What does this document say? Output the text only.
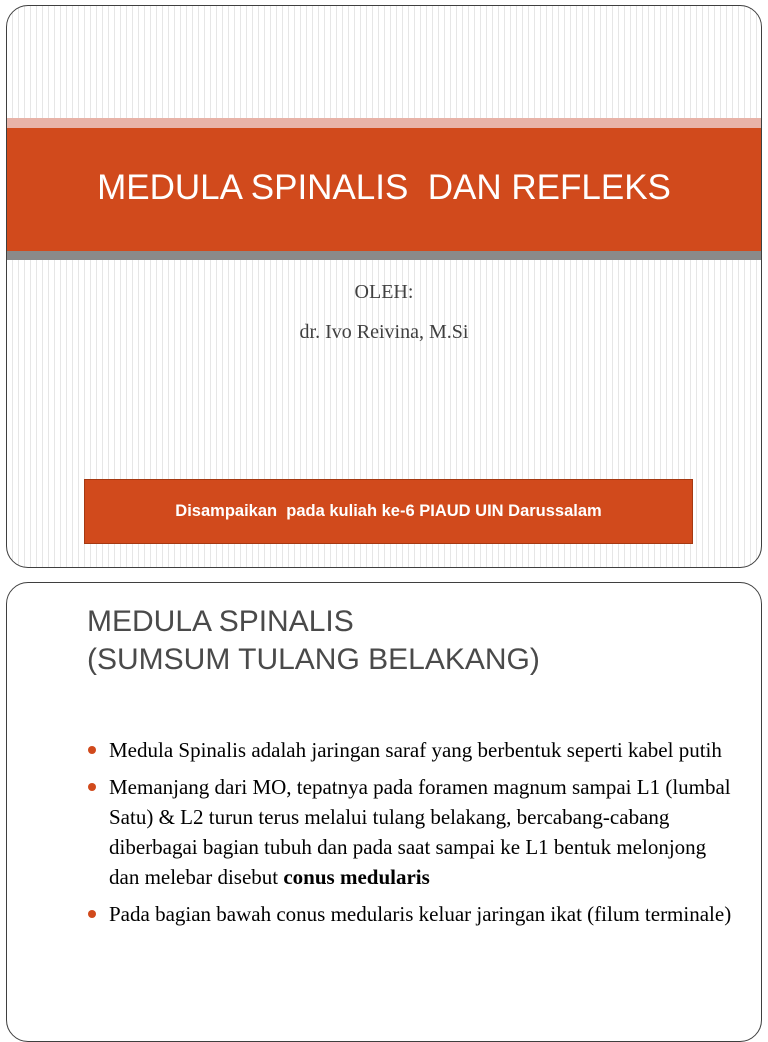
MEDULA SPINALIS  DAN REFLEKS
OLEH:
dr. Ivo Reivina, M.Si
Disampaikan  pada kuliah ke-6 PIAUD UIN Darussalam
MEDULA SPINALIS
(SUMSUM TULANG BELAKANG)
Medula Spinalis adalah jaringan saraf yang berbentuk seperti kabel putih
Memanjang dari MO, tepatnya pada foramen magnum sampai L1 (lumbal Satu) & L2 turun terus melalui tulang belakang, bercabang-cabang diberbagai bagian tubuh dan pada saat sampai ke L1 bentuk melonjong dan melebar disebut conus medularis
Pada bagian bawah conus medularis keluar jaringan ikat (filum terminale)
